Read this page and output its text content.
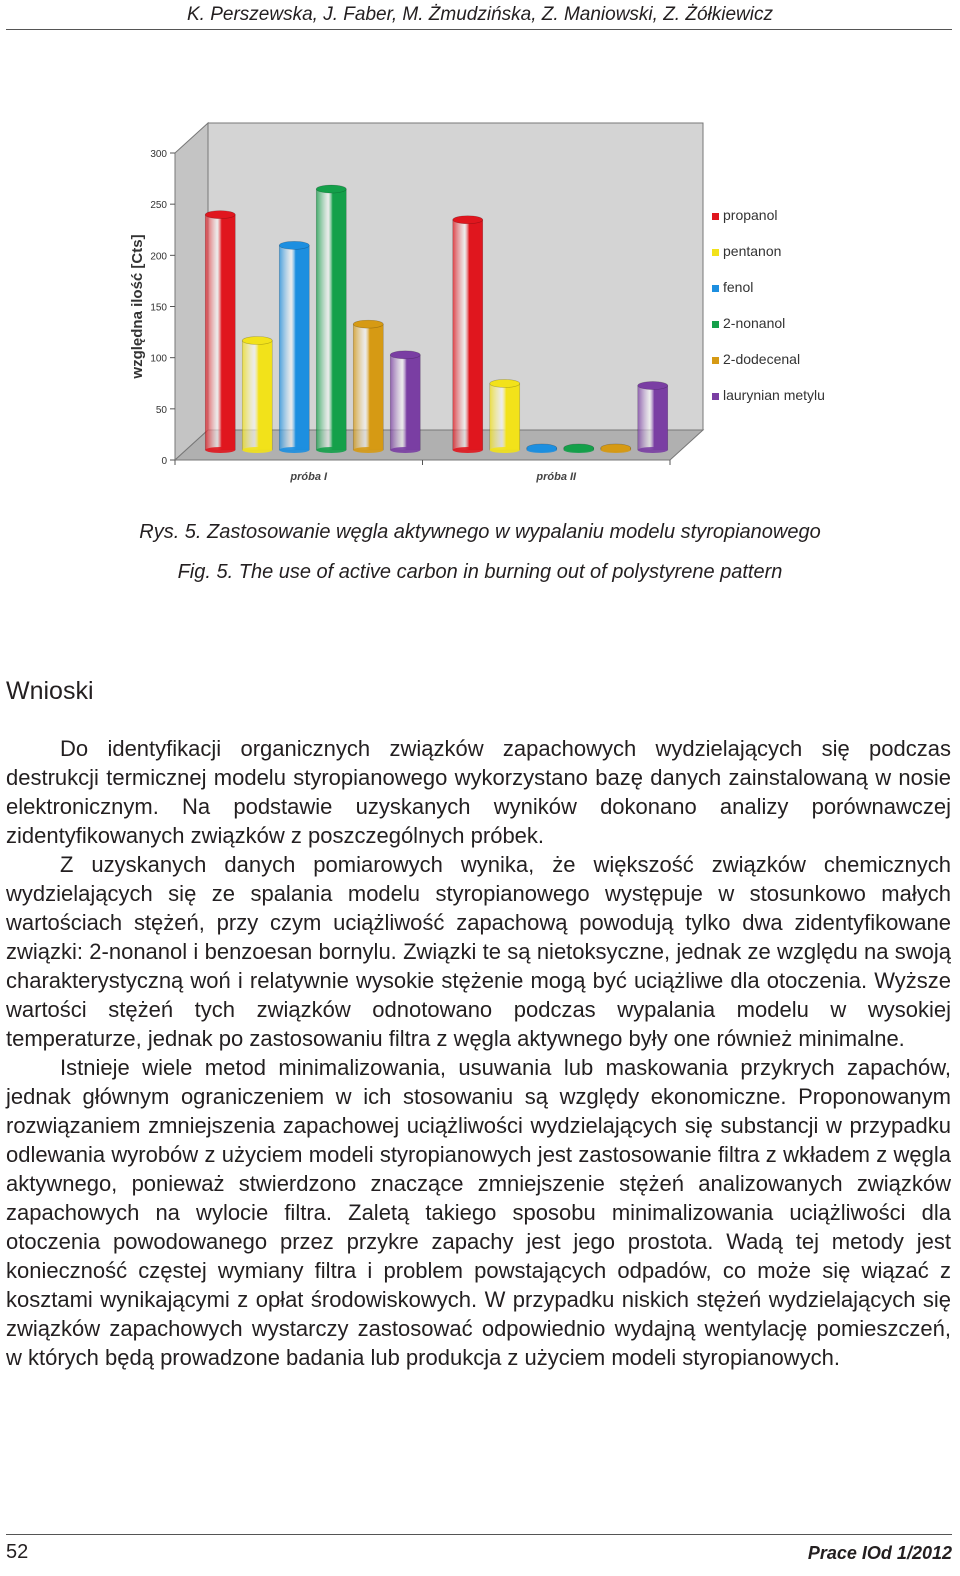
K. Perszewska, J. Faber, M. Żmudzińska, Z. Maniowski, Z. Żółkiewicz
0
50
100
150
200
250
300
próba I	próba II
propanol
pentanon
fenol
2-nonanol
2-dodecenal
laurynian metylu
względna ilość [Cts]
Rys. 5. Zastosowanie węgla aktywnego w wypalaniu modelu styropianowego
Fig. 5. The use of active carbon in burning out of polystyrene pattern
Wnioski

Do identyfikacji organicznych związków zapachowych wydzielających się podczas destrukcji termicznej modelu styropianowego wykorzystano bazę danych zainstalowaną w nosie elektronicznym. Na podstawie uzyskanych wyników dokonano analizy porównawczej zidentyfikowanych związków z poszczególnych próbek.

Z uzyskanych danych pomiarowych wynika, że większość związków chemicznych wydzielających się ze spalania modelu styropianowego występuje w stosunkowo małych wartościach stężeń, przy czym uciążliwość zapachową powodują tylko dwa zidentyfikowane związki: 2-nonanol i benzoesan bornylu. Związki te są nietoksyczne, jednak ze względu na swoją charakterystyczną woń i relatywnie wysokie stężenie mogą być uciążliwe dla otoczenia. Wyższe wartości stężeń tych związków odnotowano podczas wypalania modelu w wysokiej temperaturze, jednak po zastosowaniu filtra z węgla aktywnego były one również minimalne.

Istnieje wiele metod minimalizowania, usuwania lub maskowania przykrych zapachów, jednak głównym ograniczeniem w ich stosowaniu są względy ekonomiczne. Proponowanym rozwiązaniem zmniejszenia zapachowej uciążliwości wydzielających się substancji w przypadku odlewania wyrobów z użyciem modeli styropianowych jest zastosowanie filtra z wkładem z węgla aktywnego, ponieważ stwierdzono znaczące zmniejszenie stężeń analizowanych związków zapachowych na wylocie filtra. Zaletą takiego sposobu minimalizowania uciążliwości dla otoczenia powodowanego przez przykre zapachy jest jego prostota. Wadą tej metody jest konieczność częstej wymiany filtra i problem powstających odpadów, co może się wiązać z kosztami wynikającymi z opłat środowiskowych. W przypadku niskich stężeń wydzielających się związków zapachowych wystarczy zastosować odpowiednio wydajną wentylację pomieszczeń, w których będą prowadzone badania lub produkcja z użyciem modeli styropianowych.

52	Prace IOd 1/2012
